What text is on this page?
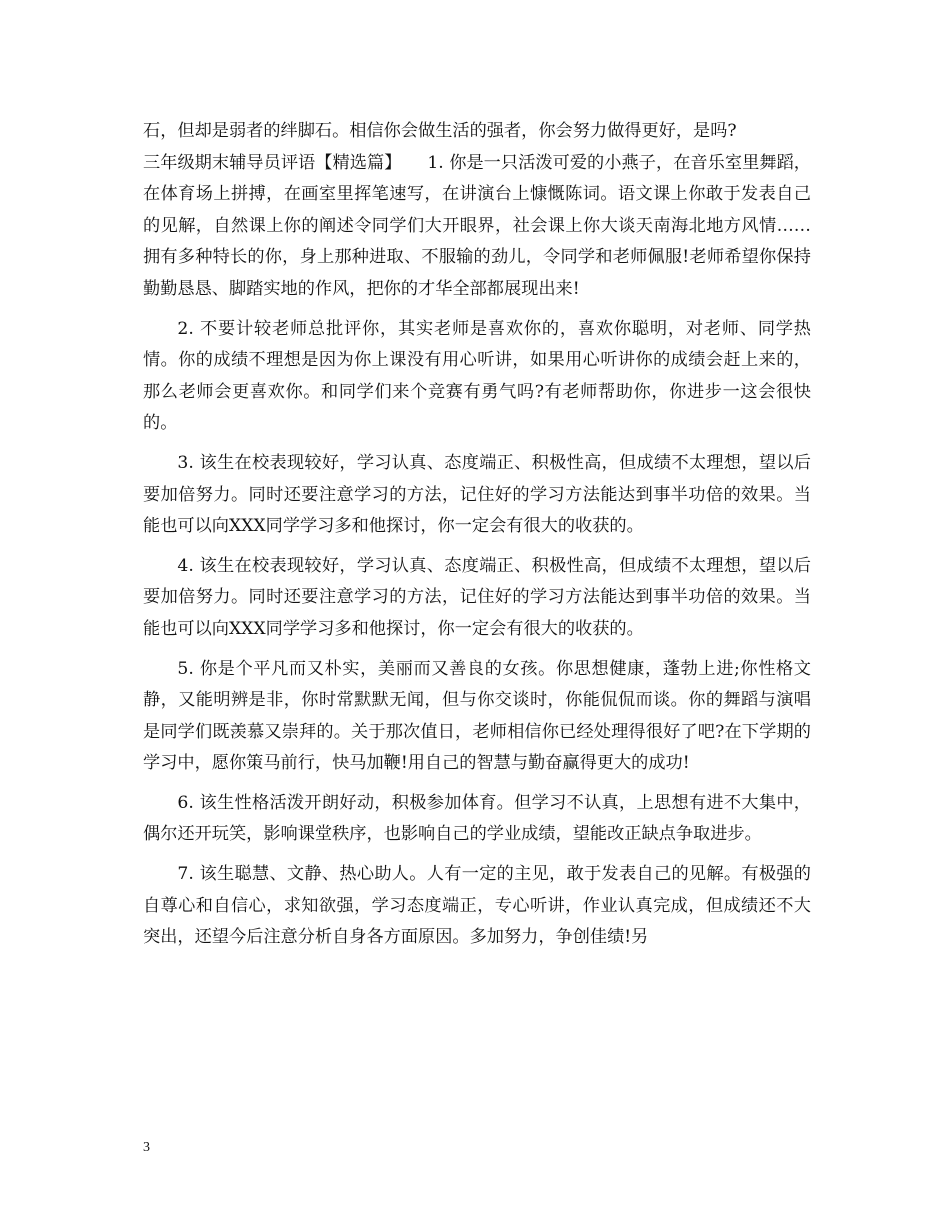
石，但却是弱者的绊脚石。相信你会做生活的强者，你会努力做得更好，是吗?

三年级期末辅导员评语【精选篇】　　 1. 你是一只活泼可爱的小燕子，在音乐室里舞蹈，在体育场上拼搏，在画室里挥笔速写，在讲演台上慷慨陈词。语文课上你敢于发表自己的见解，自然课上你的阐述令同学们大开眼界，社会课上你大谈天南海北地方风情……拥有多种特长的你，身上那种进取、不服输的劲儿，令同学和老师佩服!老师希望你保持勤勤恳恳、脚踏实地的作风，把你的才华全部都展现出来!

2. 不要计较老师总批评你，其实老师是喜欢你的，喜欢你聪明，对老师、同学热情。你的成绩不理想是因为你上课没有用心听讲，如果用心听讲你的成绩会赶上来的，那么老师会更喜欢你。和同学们来个竞赛有勇气吗?有老师帮助你，你进步一这会很快的。

3. 该生在校表现较好，学习认真、态度端正、积极性高，但成绩不太理想，望以后要加倍努力。同时还要注意学习的方法，记住好的学习方法能达到事半功倍的效果。当能也可以向XXX同学学习多和他探讨，你一定会有很大的收获的。

4. 该生在校表现较好，学习认真、态度端正、积极性高，但成绩不太理想，望以后要加倍努力。同时还要注意学习的方法，记住好的学习方法能达到事半功倍的效果。当能也可以向XXX同学学习多和他探讨，你一定会有很大的收获的。

5. 你是个平凡而又朴实，美丽而又善良的女孩。你思想健康，蓬勃上进;你性格文静，又能明辨是非，你时常默默无闻，但与你交谈时，你能侃侃而谈。你的舞蹈与演唱是同学们既羡慕又崇拜的。关于那次值日，老师相信你已经处理得很好了吧?在下学期的学习中，愿你策马前行，快马加鞭!用自己的智慧与勤奋赢得更大的成功!

6. 该生性格活泼开朗好动，积极参加体育。但学习不认真，上思想有进不大集中，偶尔还开玩笑，影响课堂秩序，也影响自己的学业成绩，望能改正缺点争取进步。

7. 该生聪慧、文静、热心助人。人有一定的主见，敢于发表自己的见解。有极强的自尊心和自信心，求知欲强，学习态度端正，专心听讲，作业认真完成，但成绩还不大突出，还望今后注意分析自身各方面原因。多加努力，争创佳绩!另

3
